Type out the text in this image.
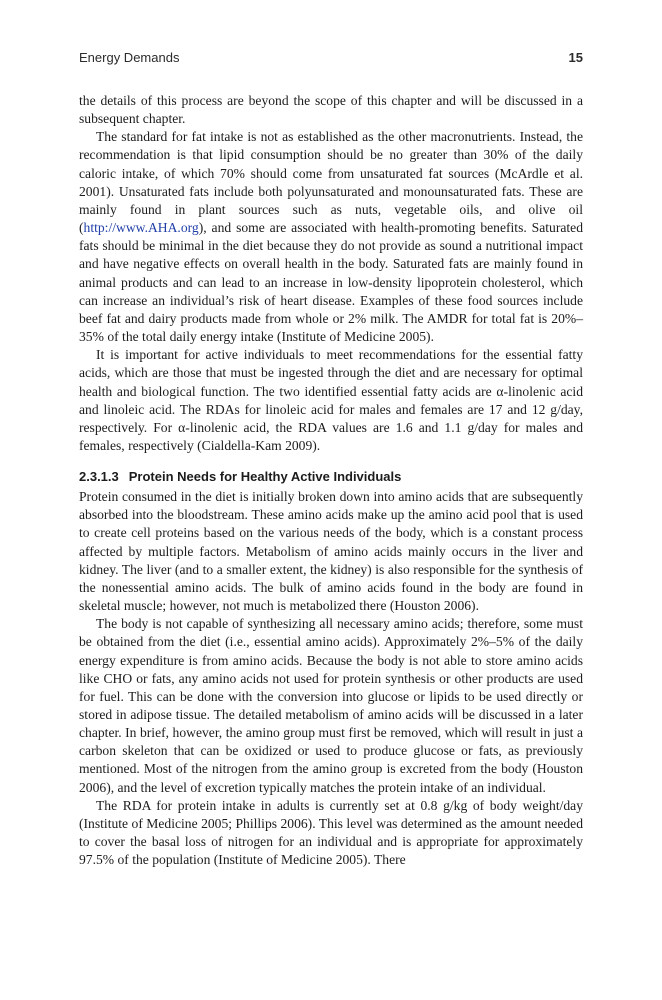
Energy Demands	15

the details of this process are beyond the scope of this chapter and will be discussed in a subsequent chapter.

The standard for fat intake is not as established as the other macronutrients. Instead, the recommendation is that lipid consumption should be no greater than 30% of the daily caloric intake, of which 70% should come from unsaturated fat sources (McArdle et al. 2001). Unsaturated fats include both polyunsaturated and monounsaturated fats. These are mainly found in plant sources such as nuts, vegetable oils, and olive oil (http://www.AHA.org), and some are associated with health-promoting benefits. Saturated fats should be minimal in the diet because they do not provide as sound a nutritional impact and have negative effects on overall health in the body. Saturated fats are mainly found in animal products and can lead to an increase in low-density lipoprotein cholesterol, which can increase an individual’s risk of heart disease. Examples of these food sources include beef fat and dairy products made from whole or 2% milk. The AMDR for total fat is 20%–35% of the total daily energy intake (Institute of Medicine 2005).

It is important for active individuals to meet recommendations for the essential fatty acids, which are those that must be ingested through the diet and are necessary for optimal health and biological function. The two identified essential fatty acids are α-linolenic acid and linoleic acid. The RDAs for linoleic acid for males and females are 17 and 12 g/day, respectively. For α-linolenic acid, the RDA values are 1.6 and 1.1 g/day for males and females, respectively (Cialdella-Kam 2009).

2.3.1.3 Protein Needs for Healthy Active Individuals

Protein consumed in the diet is initially broken down into amino acids that are subsequently absorbed into the bloodstream. These amino acids make up the amino acid pool that is used to create cell proteins based on the various needs of the body, which is a constant process affected by multiple factors. Metabolism of amino acids mainly occurs in the liver and kidney. The liver (and to a smaller extent, the kidney) is also responsible for the synthesis of the nonessential amino acids. The bulk of amino acids found in the body are found in skeletal muscle; however, not much is metabolized there (Houston 2006).

The body is not capable of synthesizing all necessary amino acids; therefore, some must be obtained from the diet (i.e., essential amino acids). Approximately 2%–5% of the daily energy expenditure is from amino acids. Because the body is not able to store amino acids like CHO or fats, any amino acids not used for protein synthesis or other products are used for fuel. This can be done with the conversion into glucose or lipids to be used directly or stored in adipose tissue. The detailed metabolism of amino acids will be discussed in a later chapter. In brief, however, the amino group must first be removed, which will result in just a carbon skeleton that can be oxidized or used to produce glucose or fats, as previously mentioned. Most of the nitrogen from the amino group is excreted from the body (Houston 2006), and the level of excretion typically matches the protein intake of an individual.

The RDA for protein intake in adults is currently set at 0.8 g/kg of body weight/day (Institute of Medicine 2005; Phillips 2006). This level was determined as the amount needed to cover the basal loss of nitrogen for an individual and is appropriate for approximately 97.5% of the population (Institute of Medicine 2005). There
